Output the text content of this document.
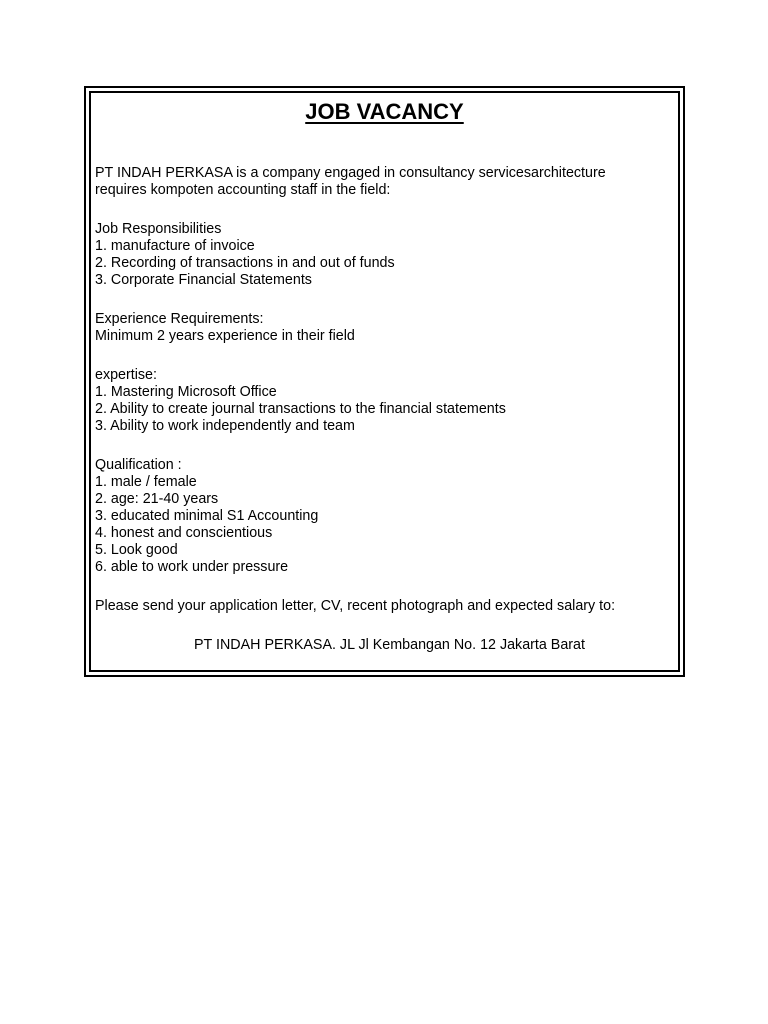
JOB VACANCY

PT INDAH PERKASA is a company engaged in consultancy servicesarchitecture

requires kompoten accounting staff in the field:

Job Responsibilities

1. manufacture of invoice

2. Recording of transactions in and out of funds

3. Corporate Financial Statements

Experience Requirements:

Minimum 2 years experience in their field

expertise:

1. Mastering Microsoft Office

2. Ability to create journal transactions to the financial statements

3. Ability to work independently and team

Qualification :

1. male / female

2. age: 21-40 years

3. educated minimal S1 Accounting

4. honest and conscientious

5. Look good

6. able to work under pressure

Please send your application letter, CV, recent photograph and expected salary to:

PT INDAH PERKASA. JL Jl Kembangan No. 12 Jakarta Barat
